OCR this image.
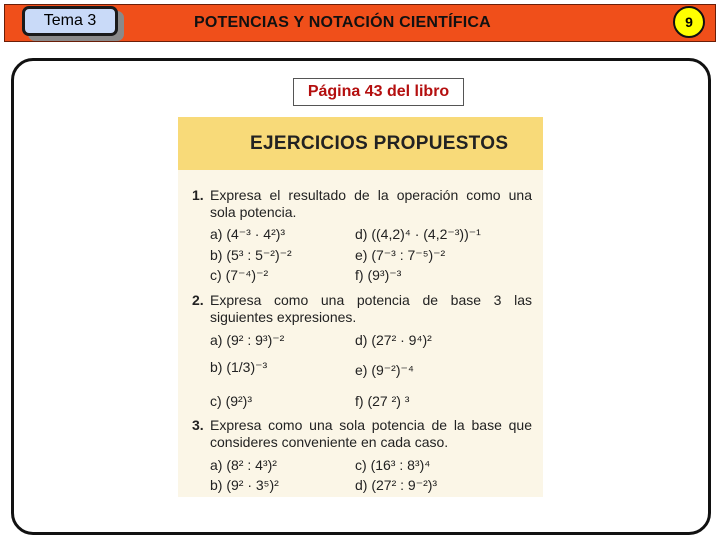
Tema 3	POTENCIAS Y NOTACIÓN CIENTÍFICA	9
Página 43 del libro
EJERCICIOS PROPUESTOS
1. Expresa el resultado de la operación como una sola potencia.
a) (4⁻³ · 4²)³	d) ((4,2)⁴ · (4,2⁻³))⁻¹
b) (5³ : 5⁻²)⁻²	e) (7⁻³ : 7⁻⁵)⁻²
c) (7⁻⁴)⁻²	f) (9³)⁻³
2. Expresa como una potencia de base 3 las siguientes expresiones.
a) (9² : 9³)⁻²	d) (27² · 9⁴)²
b) (1/3)⁻³	e) (9⁻²)⁻⁴
c) (9²)³	f) (27 ²) ³
3. Expresa como una sola potencia de la base que consideres conveniente en cada caso.
a) (8² : 4³)²	c) (16³ : 8³)⁴
b) (9² · 3⁵)²	d) (27² : 9⁻²)³
